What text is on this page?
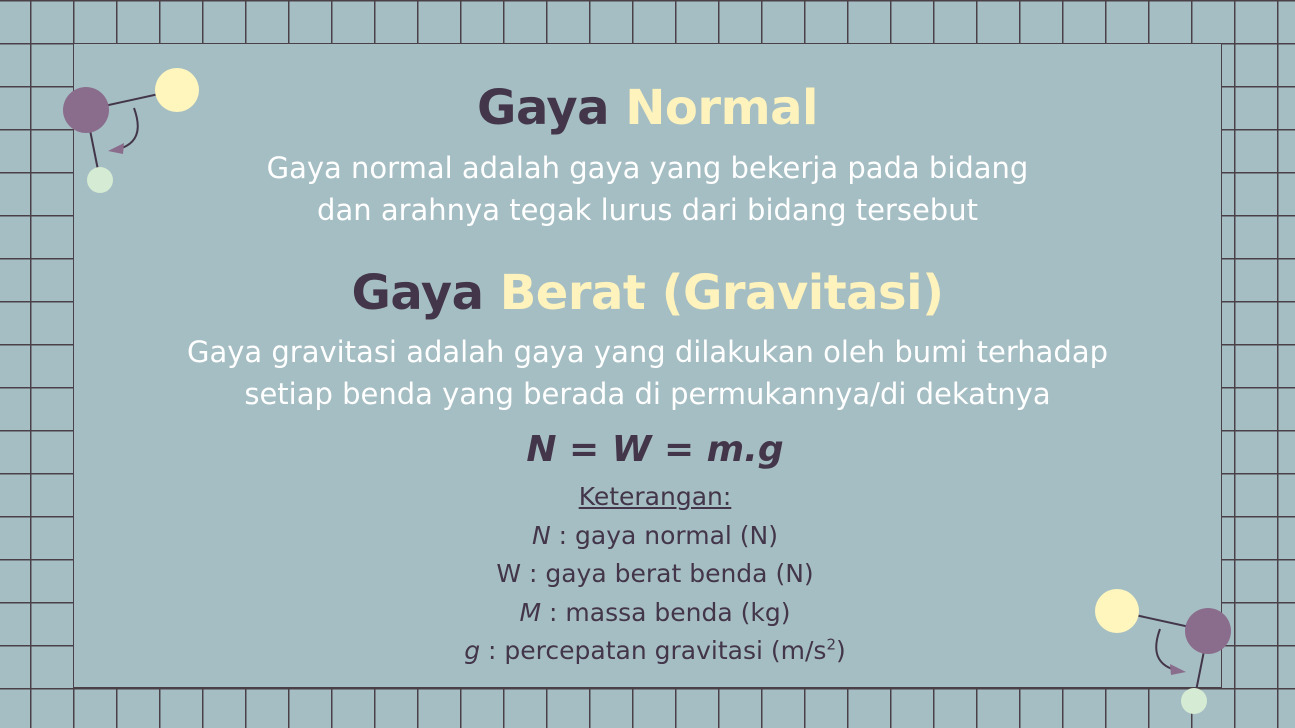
Gaya Normal
Gaya normal adalah gaya yang bekerja pada bidang
dan arahnya tegak lurus dari bidang tersebut
Gaya Berat (Gravitasi)
Gaya gravitasi adalah gaya yang dilakukan oleh bumi terhadap
setiap benda yang berada di permukannya/di dekatnya
N = W = m.g
Keterangan:
N : gaya normal (N)
W : gaya berat benda (N)
M : massa benda (kg)
g : percepatan gravitasi $(m/s^2)$
